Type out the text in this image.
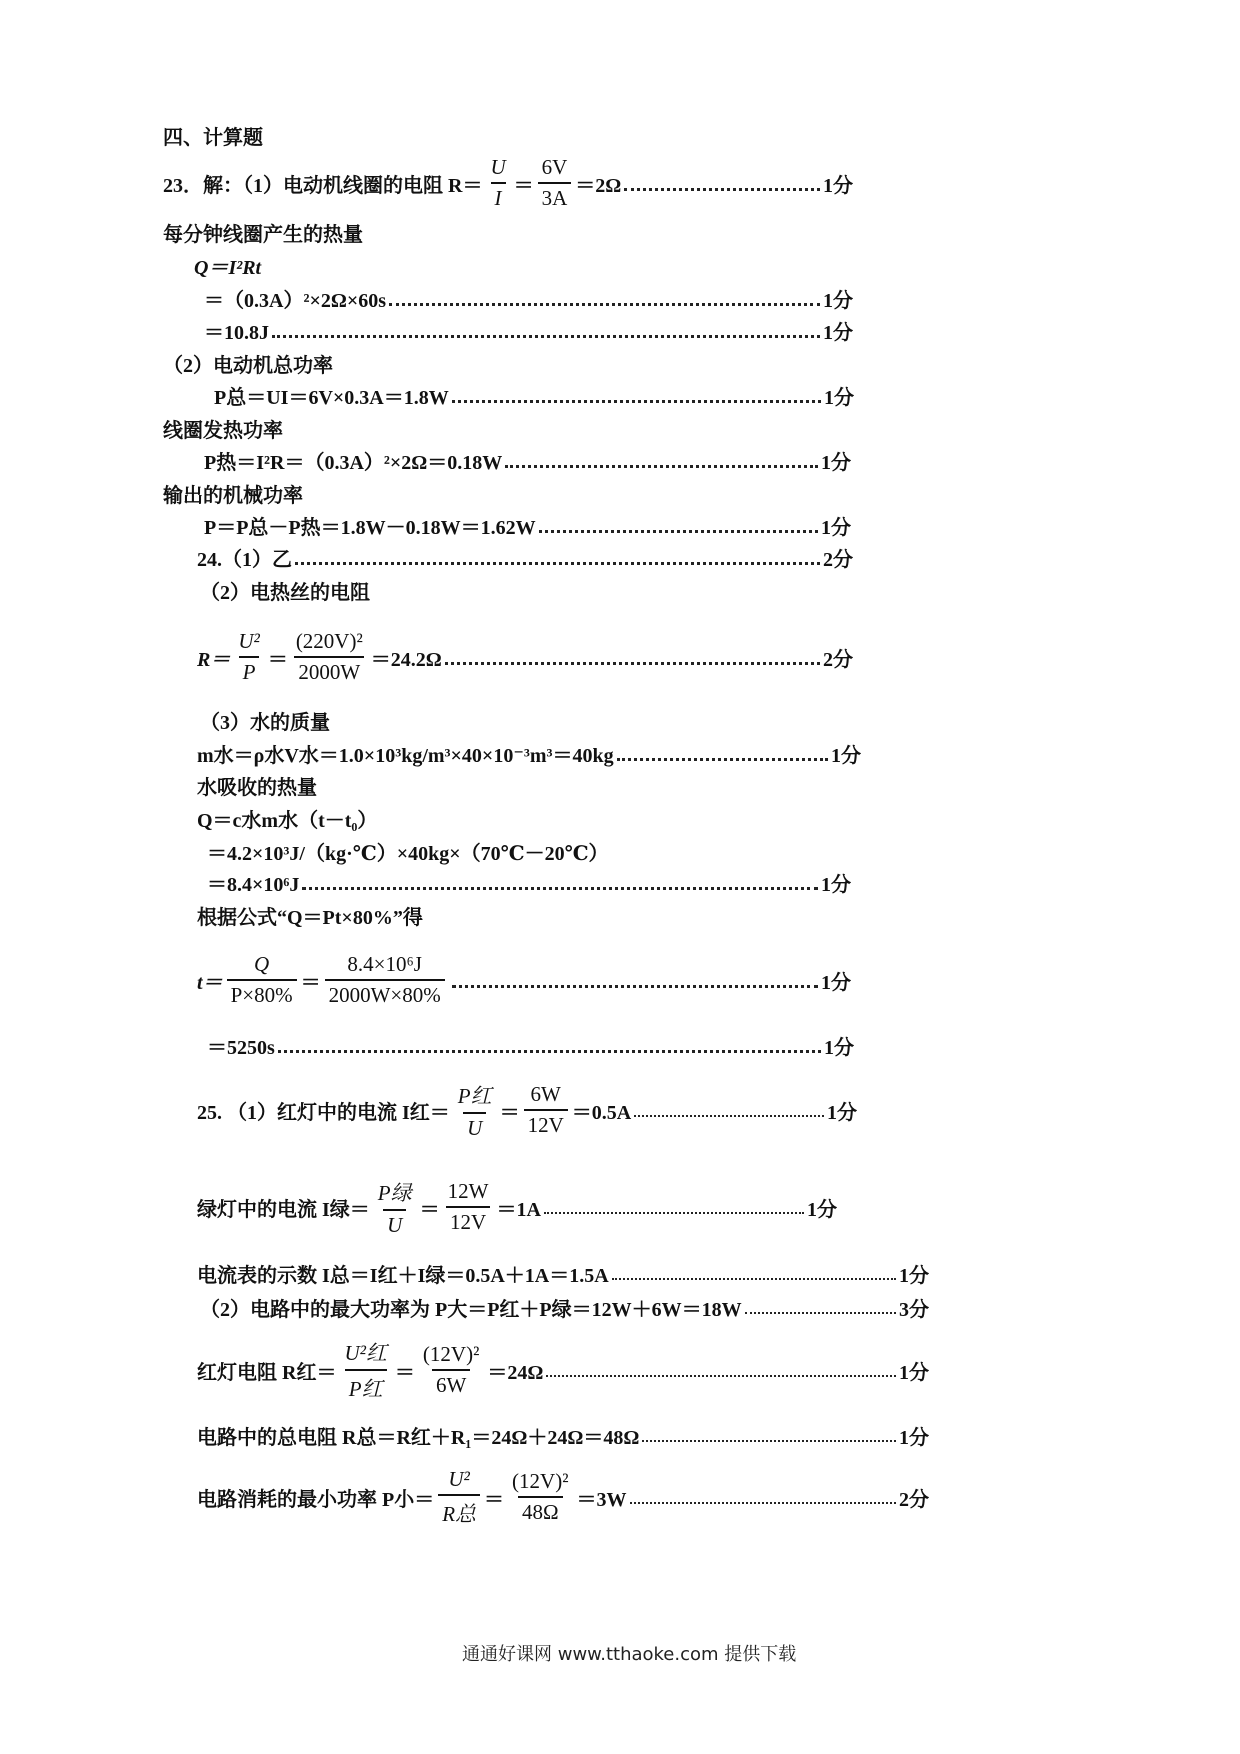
四、计算题
23．解：（1）电动机线圈的电阻 $R= \frac{U}{I} = \frac{6V}{3A} =2\Omega$	1分
每分钟线圈产生的热量
Q＝I²Rt
＝（0.3A）²×2Ω×60s	1分
＝10.8J	1分
（2）电动机总功率
P总＝UI＝6V×0.3A＝1.8W	1分
线圈发热功率
P热＝I²R＝（0.3A）²×2Ω＝0.18W	1分
输出的机械功率
P＝P总－P热＝1.8W－0.18W＝1.62W	1分
24.（1）乙	2分
（2）电热丝的电阻
$R= \frac{\text{U²}}{P} = \frac{\text{(220V)²}}{2000W} =24.2\Omega$	2分
（3）水的质量
m水＝ρ水V水＝1.0×10³kg/m³×40×10⁻³m³＝40kg	1分
水吸收的热量
Q＝c水m水（t－t₀）
＝4.2×10³J/（kg·℃）×40kg×（70℃－20℃）
＝8.4×10⁶J	1分
根据公式“Q＝Pt×80%”得
$t= \frac{Q}{P\times 80\%} = \frac{\text{8.4×10⁶J}}{2000W\times 80\%}$	1分
＝5250s	1分
25. （1）红灯中的电流 I红＝ $\frac{\text{P红}}{U} = \frac{6W}{12V} =0.5A$	1分
绿灯中的电流 I绿＝ $\frac{\text{P绿}}{U} = \frac{12W}{12V} =1A$	1分
电流表的示数 I总＝I红＋I绿＝0.5A＋1A＝1.5A	1分
（2）电路中的最大功率为 P大＝P红＋P绿＝12W＋6W＝18W	3分
红灯电阻 R红＝ $\frac{\text{U²红}}{\text{P红}} = \frac{\text{(12V)²}}{6W} =24\Omega$	1分
电路中的总电阻 R总＝R红＋R₁＝24Ω＋24Ω＝48Ω	1分
电路消耗的最小功率 P小＝ $\frac{\text{U²}}{\text{R总}} = \frac{\text{(12V)²}}{48\Omega} =3W$	2分
通通好课网 www.tthaoke.com 提供下载
